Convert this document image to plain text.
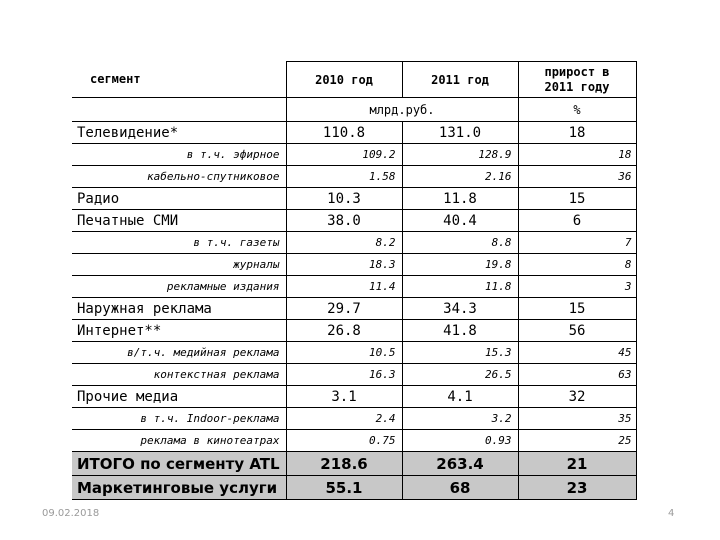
сегмент	2010 год	2011 год	прирост в
2011 году
	млрд.руб.		%
Телевидение*	110.8	131.0	18
в т.ч. эфирное	109.2	128.9	18
кабельно-спутниковое	1.58	2.16	36
Радио	10.3	11.8	15
Печатные СМИ	38.0	40.4	6
в т.ч. газеты	8.2	8.8	7
журналы	18.3	19.8	8
рекламные издания	11.4	11.8	3
Наружная реклама	29.7	34.3	15
Интернет**	26.8	41.8	56
в/т.ч. медийная реклама	10.5	15.3	45
контекстная реклама	16.3	26.5	63
Прочие медиа	3.1	4.1	32
в т.ч. Indoor-реклама	2.4	3.2	35
реклама в кинотеатрах	0.75	0.93	25
ИТОГО по сегменту ATL	218.6	263.4	21
Маркетинговые услуги	55.1	68	23
09.02.2018	4
